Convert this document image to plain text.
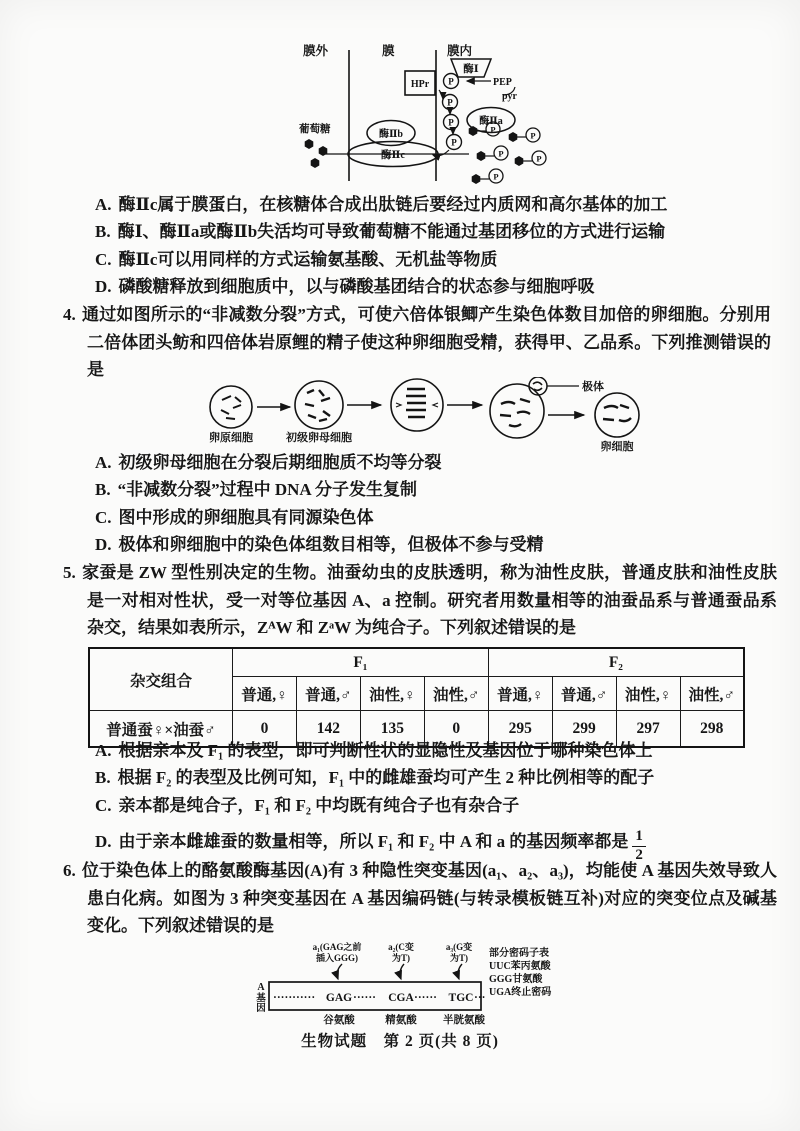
膜外	膜	膜内
酶Ⅰ
PEP
pyr
HPr P
P
P
P
酶Ⅱa
酶Ⅱb
酶Ⅱc
葡萄糖	P
P
P	P
P
A. 酶Ⅱc属于膜蛋白，在核糖体合成出肽链后要经过内质网和高尔基体的加工
B. 酶Ⅰ、酶Ⅱa或酶Ⅱb失活均可导致葡萄糖不能通过基团移位的方式进行运输
C. 酶Ⅱc可以用同样的方式运输氨基酸、无机盐等物质
D. 磷酸糖释放到细胞质中，以与磷酸基团结合的状态参与细胞呼吸
4. 通过如图所示的“非减数分裂”方式，可使六倍体银鲫产生染色体数目加倍的卵细胞。分别用二倍体团头鲂和四倍体岩原鲤的精子使这种卵细胞受精，获得甲、乙品系。下列推测错误的是
卵原细胞	初级卵母细胞
极体
卵细胞
A. 初级卵母细胞在分裂后期细胞质不均等分裂
B. “非减数分裂”过程中 DNA 分子发生复制
C. 图中形成的卵细胞具有同源染色体
D. 极体和卵细胞中的染色体组数目相等，但极体不参与受精
5. 家蚕是 ZW 型性别决定的生物。油蚕幼虫的皮肤透明，称为油性皮肤，普通皮肤和油性皮肤是一对相对性状，受一对等位基因 A、a 控制。研究者用数量相等的油蚕品系与普通蚕品系杂交，结果如表所示，ZᴬW 和 ZᵃW 为纯合子。下列叙述错误的是
杂交组合	F₁				F₂			
	普通,♀	普通,♂	油性,♀	油性,♂	普通,♀	普通,♂	油性,♀	油性,♂
普通蚕♀×油蚕♂	0	142	135	0	295	299	297	298
A. 根据亲本及 F₁ 的表型，即可判断性状的显隐性及基因位于哪种染色体上
B. 根据 F₂ 的表型及比例可知，F₁ 中的雌雄蚕均可产生 2 种比例相等的配子
C. 亲本都是纯合子，F₁ 和 F₂ 中均既有纯合子也有杂合子
D. 由于亲本雌雄蚕的数量相等，所以 F₁ 和 F₂ 中 A 和 a 的基因频率都是 $\frac{1}{2}$
6. 位于染色体上的酪氨酸酶基因(A)有 3 种隐性突变基因(a₁、a₂、a₃)，均能使 A 基因失效导致人患白化病。如图为 3 种突变基因在 A 基因编码链(与转录模板链互补)对应的突变位点及碱基变化。下列叙述错误的是
A
基
因
··········· GAG ······ CGA ······ TGC ···
a₁(GAG之前
插入GGG)
a₂(C变
为T)
a₃(G变
为T)
谷氨酸	精氨酸	半胱氨酸
部分密码子表
UUC苯丙氨酸
GGG甘氨酸
UGA终止密码
生物试题　第 2 页(共 8 页)
